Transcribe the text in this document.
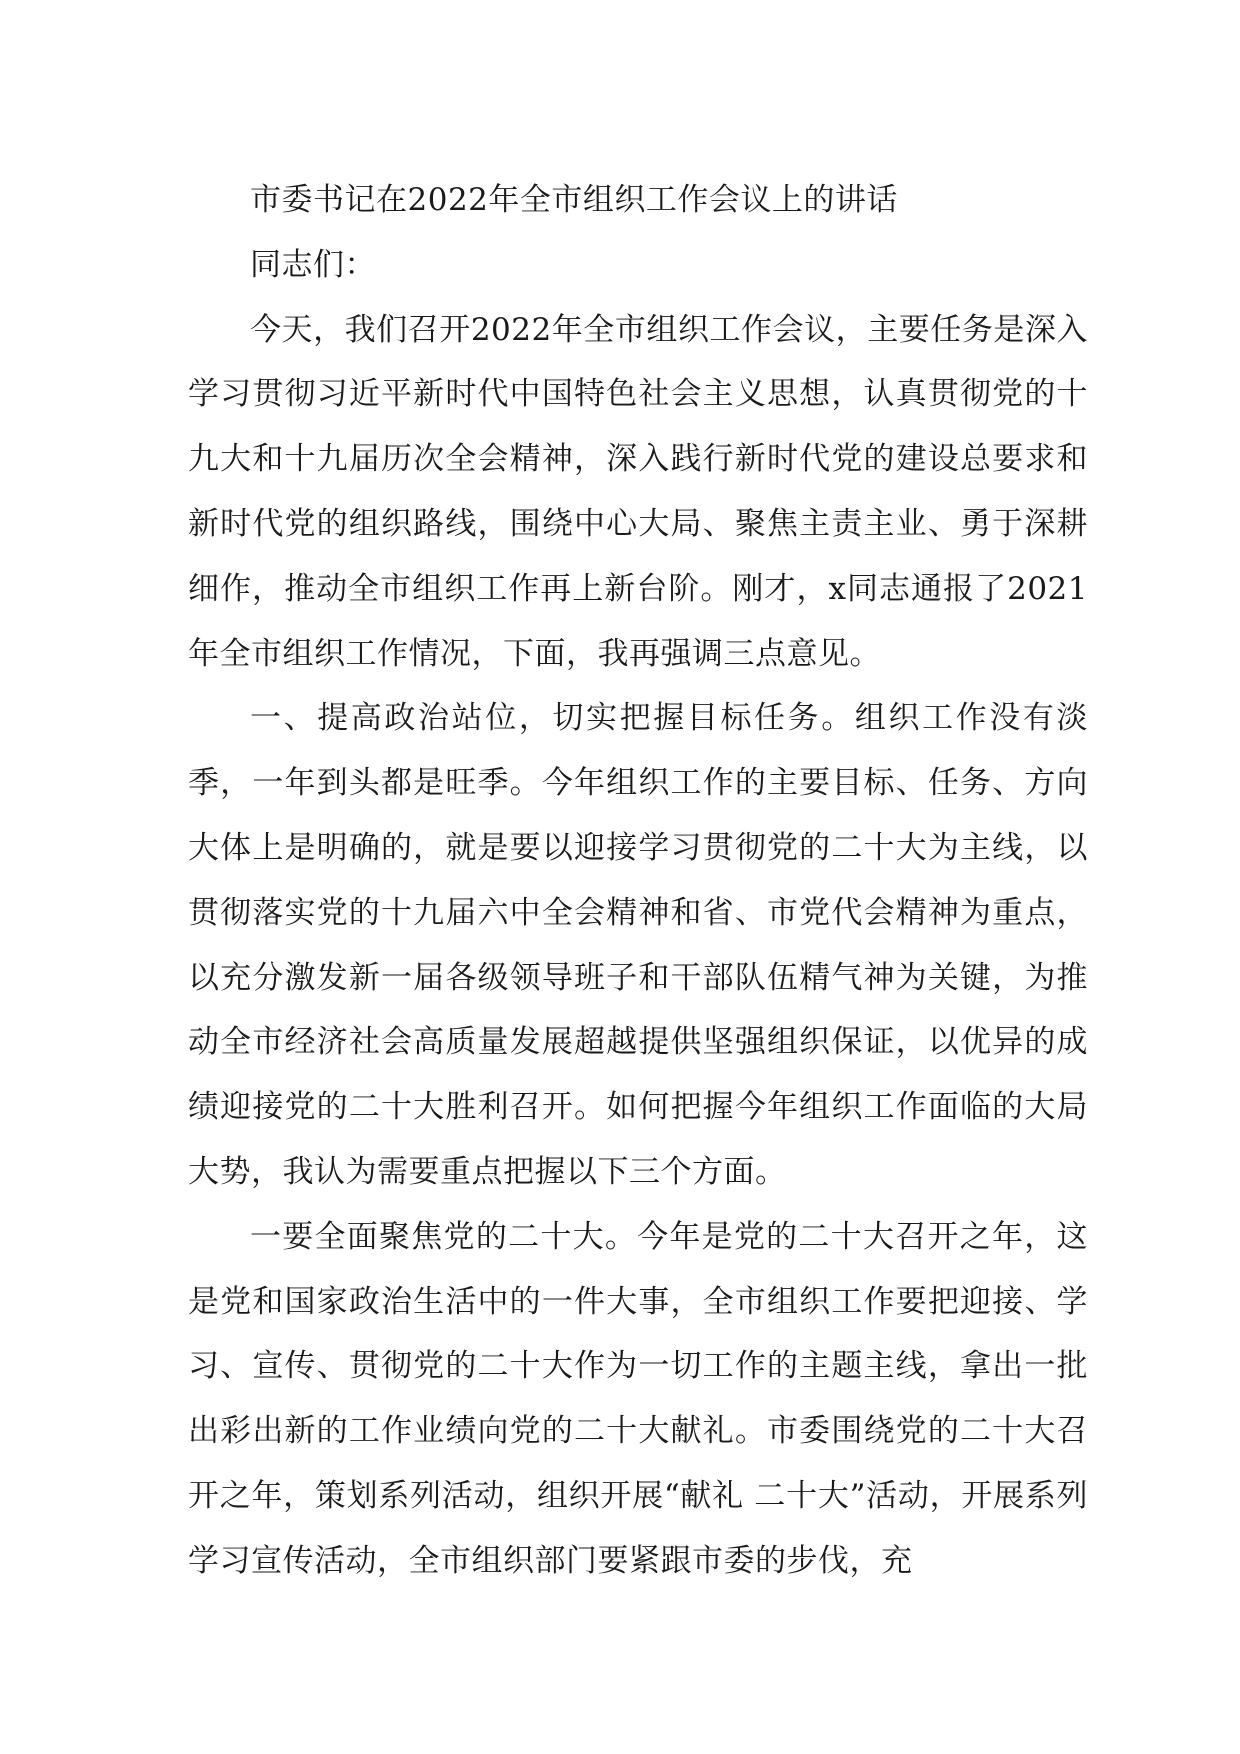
市委书记在2022年全市组织工作会议上的讲话

同志们：

今天，我们召开2022年全市组织工作会议，主要任务是深入学习贯彻习近平新时代中国特色社会主义思想，认真贯彻党的十九大和十九届历次全会精神，深入践行新时代党的建设总要求和新时代党的组织路线，围绕中心大局、聚焦主责主业、勇于深耕细作，推动全市组织工作再上新台阶。刚才，x同志通报了2021年全市组织工作情况，下面，我再强调三点意见。

一、提高政治站位，切实把握目标任务。组织工作没有淡季，一年到头都是旺季。今年组织工作的主要目标、任务、方向大体上是明确的，就是要以迎接学习贯彻党的二十大为主线，以贯彻落实党的十九届六中全会精神和省、市党代会精神为重点，以充分激发新一届各级领导班子和干部队伍精气神为关键，为推动全市经济社会高质量发展超越提供坚强组织保证，以优异的成绩迎接党的二十大胜利召开。如何把握今年组织工作面临的大局大势，我认为需要重点把握以下三个方面。

一要全面聚焦党的二十大。今年是党的二十大召开之年，这是党和国家政治生活中的一件大事，全市组织工作要把迎接、学习、宣传、贯彻党的二十大作为一切工作的主题主线，拿出一批出彩出新的工作业绩向党的二十大献礼。市委围绕党的二十大召开之年，策划系列活动，组织开展“献礼 二十大”活动，开展系列学习宣传活动，全市组织部门要紧跟市委的步伐，充
